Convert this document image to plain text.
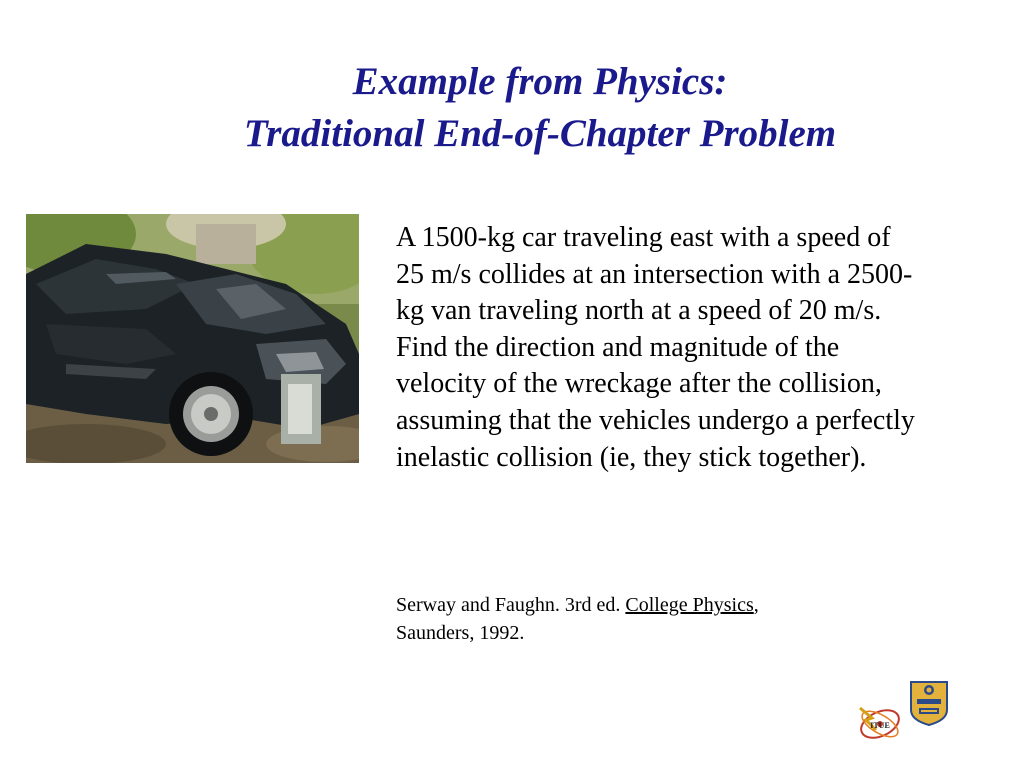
Example from Physics:
Traditional End-of-Chapter Problem
A 1500-kg car traveling east with a speed of 25 m/s collides at an intersection with a 2500-kg van traveling north at a speed of 20 m/s. Find the direction and magnitude of the velocity of the wreckage after the collision, assuming that the vehicles undergo a perfectly inelastic collision (ie, they stick together).
Serway and Faughn. 3rd ed. College Physics,
Saunders, 1992.
ITUE
